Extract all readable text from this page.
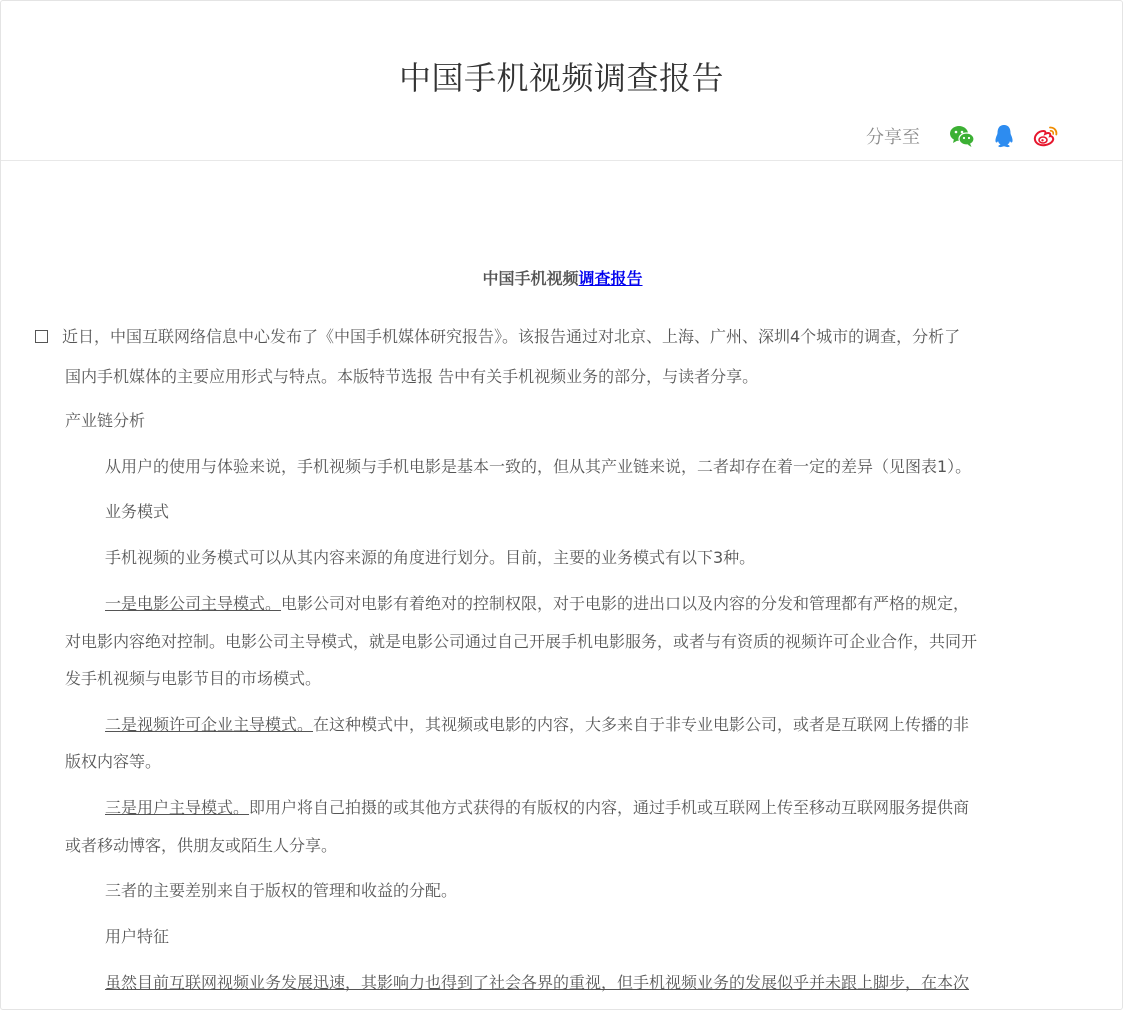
中国手机视频调查报告
分享至
中国手机视频调查报告
近日，中国互联网络信息中心发布了《中国手机媒体研究报告》。该报告通过对北京、上海、广州、深圳4个城市的调查，分析了
国内手机媒体的主要应用形式与特点。本版特节选报 告中有关手机视频业务的部分，与读者分享。
产业链分析
从用户的使用与体验来说，手机视频与手机电影是基本一致的，但从其产业链来说，二者却存在着一定的差异（见图表1）。
业务模式
手机视频的业务模式可以从其内容来源的角度进行划分。目前，主要的业务模式有以下3种。
一是电影公司主导模式。电影公司对电影有着绝对的控制权限，对于电影的进出口以及内容的分发和管理都有严格的规定，
对电影内容绝对控制。电影公司主导模式，就是电影公司通过自己开展手机电影服务，或者与有资质的视频许可企业合作，共同开
发手机视频与电影节目的市场模式。
二是视频许可企业主导模式。在这种模式中，其视频或电影的内容，大多来自于非专业电影公司，或者是互联网上传播的非
版权内容等。
三是用户主导模式。即用户将自己拍摄的或其他方式获得的有版权的内容，通过手机或互联网上传至移动互联网服务提供商
或者移动博客，供朋友或陌生人分享。
三者的主要差别来自于版权的管理和收益的分配。
用户特征
虽然目前互联网视频业务发展迅速，其影响力也得到了社会各界的重视，但手机视频业务的发展似乎并未跟上脚步，在本次
